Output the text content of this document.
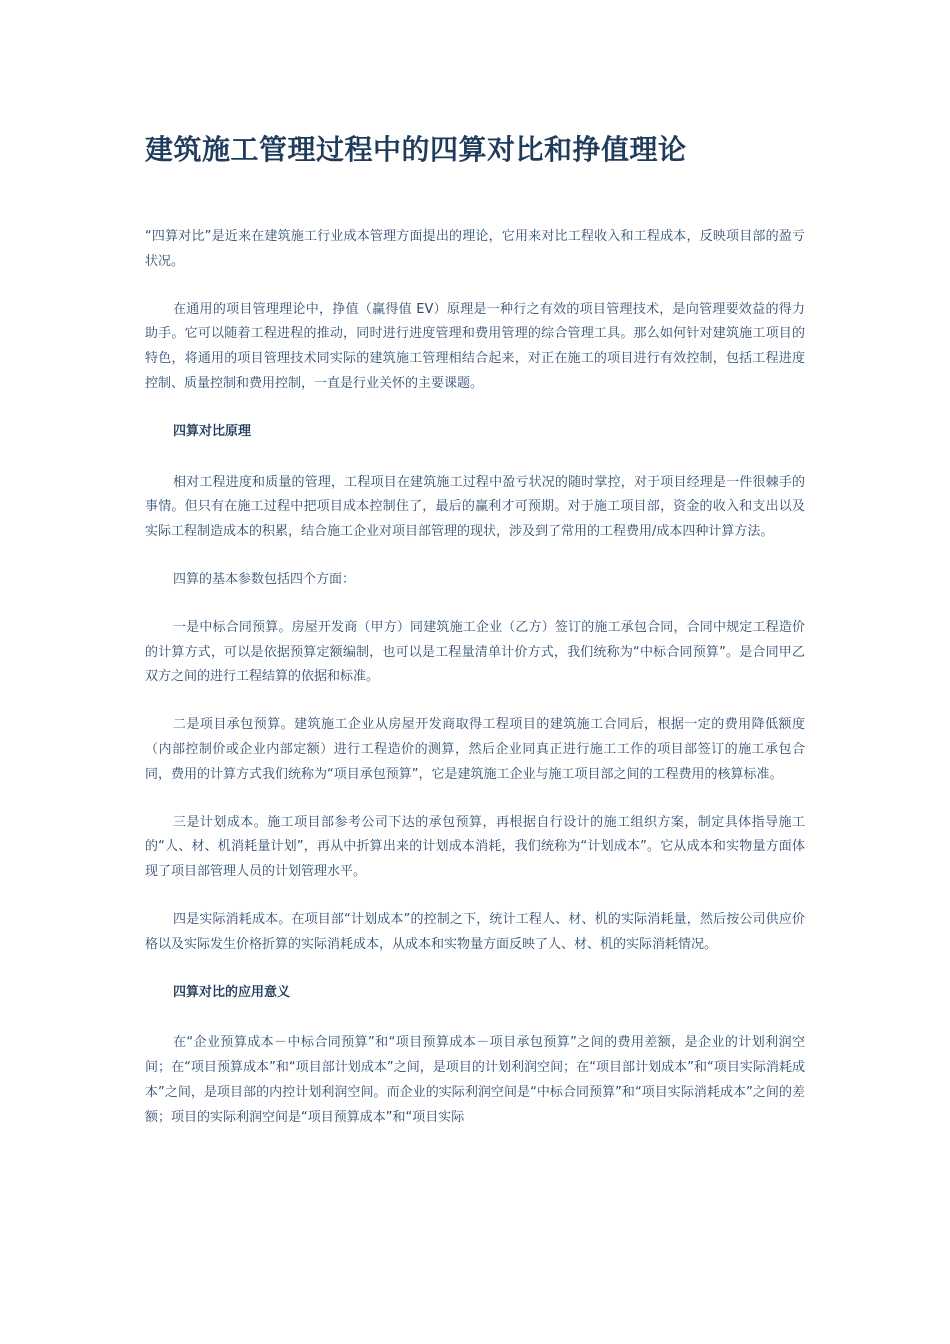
建筑施工管理过程中的四算对比和挣值理论

“四算对比”是近来在建筑施工行业成本管理方面提出的理论，它用来对比工程收入和工程成本，反映项目部的盈亏状况。

在通用的项目管理理论中，挣值（赢得值 EV）原理是一种行之有效的项目管理技术，是向管理要效益的得力助手。它可以随着工程进程的推动，同时进行进度管理和费用管理的综合管理工具。那么如何针对建筑施工项目的特色，将通用的项目管理技术同实际的建筑施工管理相结合起来，对正在施工的项目进行有效控制，包括工程进度控制、质量控制和费用控制，一直是行业关怀的主要课题。

四算对比原理

相对工程进度和质量的管理，工程项目在建筑施工过程中盈亏状况的随时掌控，对于项目经理是一件很棘手的事情。但只有在施工过程中把项目成本控制住了，最后的赢利才可预期。对于施工项目部，资金的收入和支出以及实际工程制造成本的积累，结合施工企业对项目部管理的现状，涉及到了常用的工程费用/成本四种计算方法。

四算的基本参数包括四个方面：

一是中标合同预算。房屋开发商（甲方）同建筑施工企业（乙方）签订的施工承包合同，合同中规定工程造价的计算方式，可以是依据预算定额编制，也可以是工程量清单计价方式，我们统称为“中标合同预算”。是合同甲乙双方之间的进行工程结算的依据和标准。

二是项目承包预算。建筑施工企业从房屋开发商取得工程项目的建筑施工合同后，根据一定的费用降低额度（内部控制价或企业内部定额）进行工程造价的测算，然后企业同真正进行施工工作的项目部签订的施工承包合同，费用的计算方式我们统称为“项目承包预算”，它是建筑施工企业与施工项目部之间的工程费用的核算标准。

三是计划成本。施工项目部参考公司下达的承包预算，再根据自行设计的施工组织方案，制定具体指导施工的“人、材、机消耗量计划”，再从中折算出来的计划成本消耗，我们统称为“计划成本”。它从成本和实物量方面体现了项目部管理人员的计划管理水平。

四是实际消耗成本。在项目部“计划成本”的控制之下，统计工程人、材、机的实际消耗量，然后按公司供应价格以及实际发生价格折算的实际消耗成本，从成本和实物量方面反映了人、材、机的实际消耗情况。

四算对比的应用意义

在“企业预算成本－中标合同预算”和“项目预算成本－项目承包预算”之间的费用差额，是企业的计划利润空间；在“项目预算成本”和“项目部计划成本”之间，是项目的计划利润空间；在“项目部计划成本”和“项目实际消耗成本”之间，是项目部的内控计划利润空间。而企业的实际利润空间是“中标合同预算”和“项目实际消耗成本”之间的差额；项目的实际利润空间是“项目预算成本”和“项目实际
